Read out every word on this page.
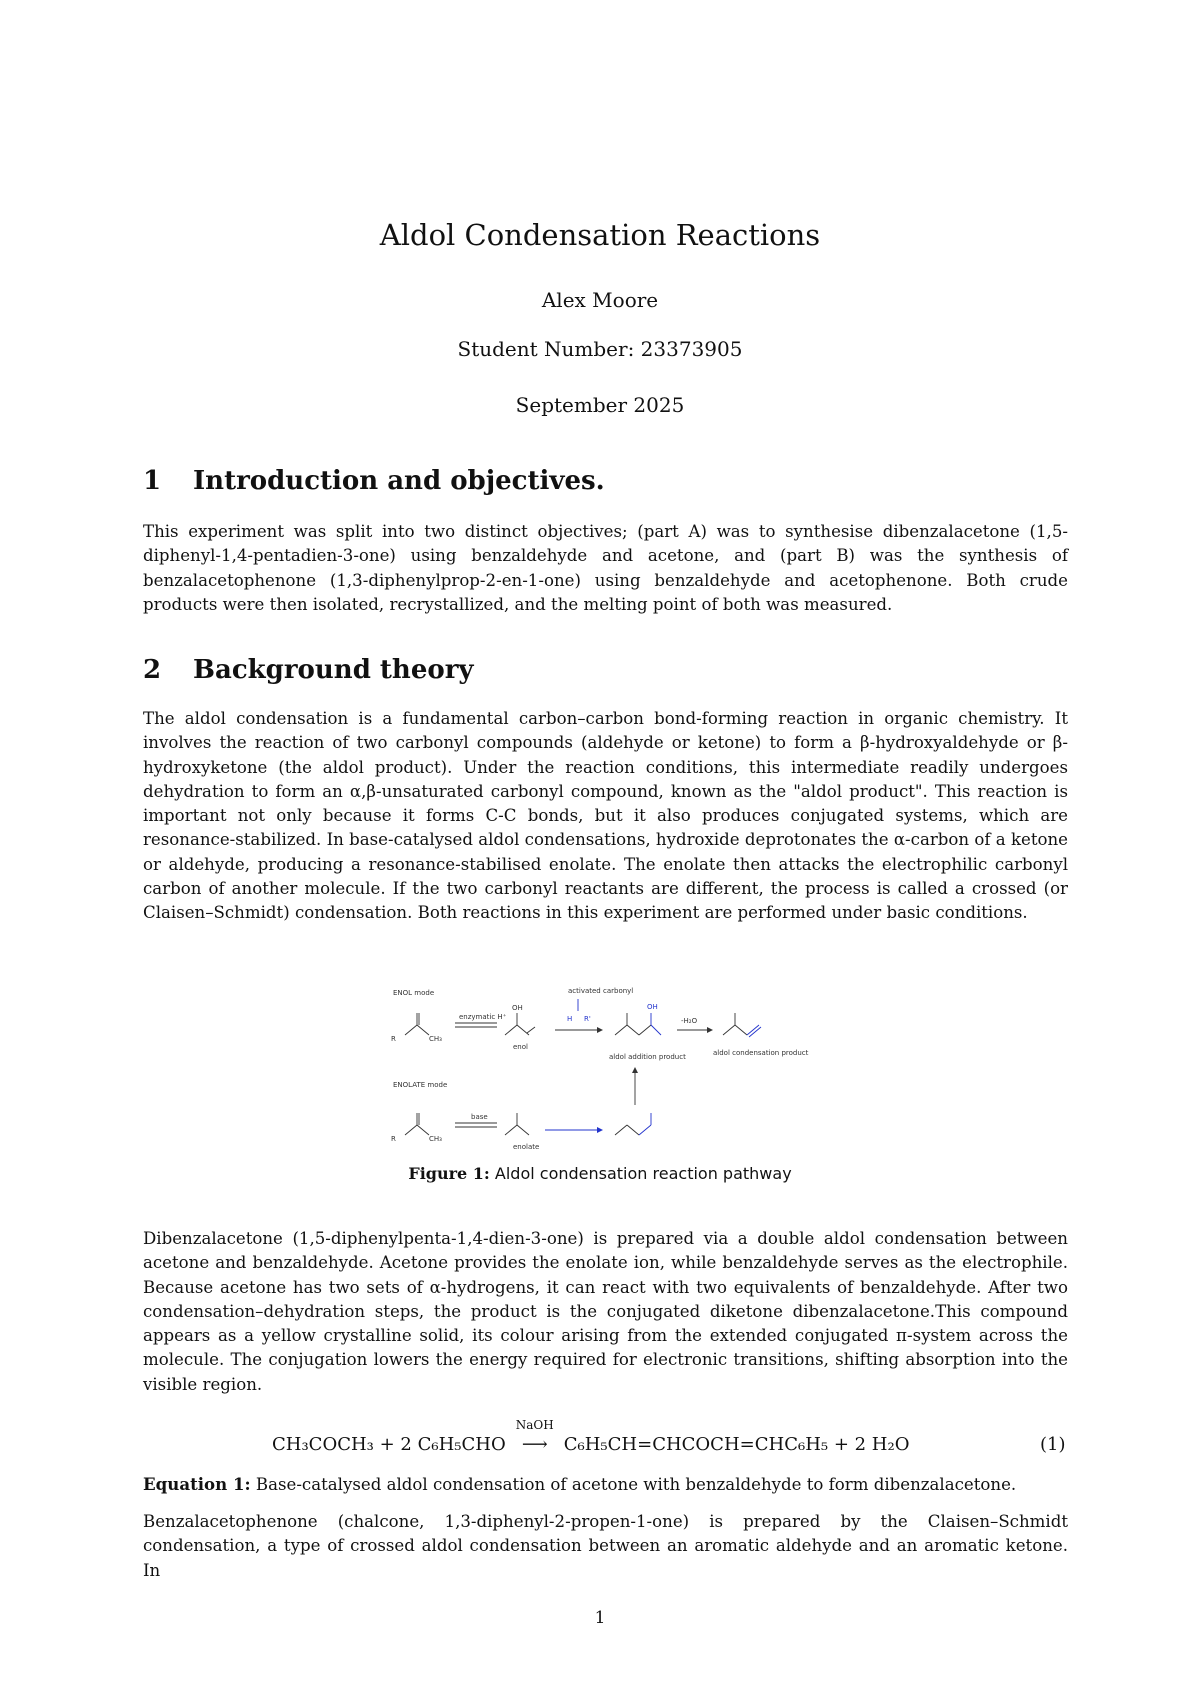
Aldol Condensation Reactions
Alex Moore
Student Number: 23373905
September 2025
1 Introduction and objectives.

This experiment was split into two distinct objectives; (part A) was to synthesise dibenzalacetone (1,5-diphenyl-1,4-pentadien-3-one) using benzaldehyde and acetone, and (part B) was the synthesis of benzalacetophenone (1,3-diphenylprop-2-en-1-one) using benzaldehyde and acetophenone. Both crude products were then isolated, recrystallized, and the melting point of both was measured.

2 Background theory

The aldol condensation is a fundamental carbon–carbon bond-forming reaction in organic chemistry. It involves the reaction of two carbonyl compounds (aldehyde or ketone) to form a β-hydroxyaldehyde or β-hydroxyketone (the aldol product). Under the reaction conditions, this intermediate readily undergoes dehydration to form an α,β-unsaturated carbonyl compound, known as the "aldol product". This reaction is important not only because it forms C-C bonds, but it also produces conjugated systems, which are resonance-stabilized. In base-catalysed aldol condensations, hydroxide deprotonates the α-carbon of a ketone or aldehyde, producing a resonance-stabilised enolate. The enolate then attacks the electrophilic carbonyl carbon of another molecule. If the two carbonyl reactants are different, the process is called a crossed (or Claisen–Schmidt) condensation. Both reactions in this experiment are performed under basic conditions.

ENOL mode
R	CH₃
enzymatic H⁺
OH
enol
activated carbonyl
H R'
OH
aldol addition product
-H₂O
aldol condensation product
ENOLATE mode
R	CH₃
base
enolate
Figure 1: Aldol condensation reaction pathway

Dibenzalacetone (1,5-diphenylpenta-1,4-dien-3-one) is prepared via a double aldol condensation between acetone and benzaldehyde. Acetone provides the enolate ion, while benzaldehyde serves as the electrophile. Because acetone has two sets of α-hydrogens, it can react with two equivalents of benzaldehyde. After two condensation–dehydration steps, the product is the conjugated diketone dibenzalacetone.This compound appears as a yellow crystalline solid, its colour arising from the extended conjugated π-system across the molecule. The conjugation lowers the energy required for electronic transitions, shifting absorption into the visible region.

CH₃COCH₃ + 2 C₆H₅CHO
NaOH
⟶ C₆H₅CH=CHCOCH=CHC₆H₅ + 2 H₂O	(1)
Equation 1: Base-catalysed aldol condensation of acetone with benzaldehyde to form dibenzalacetone.

Benzalacetophenone (chalcone, 1,3-diphenyl-2-propen-1-one) is prepared by the Claisen–Schmidt condensation, a type of crossed aldol condensation between an aromatic aldehyde and an aromatic ketone. In

1
